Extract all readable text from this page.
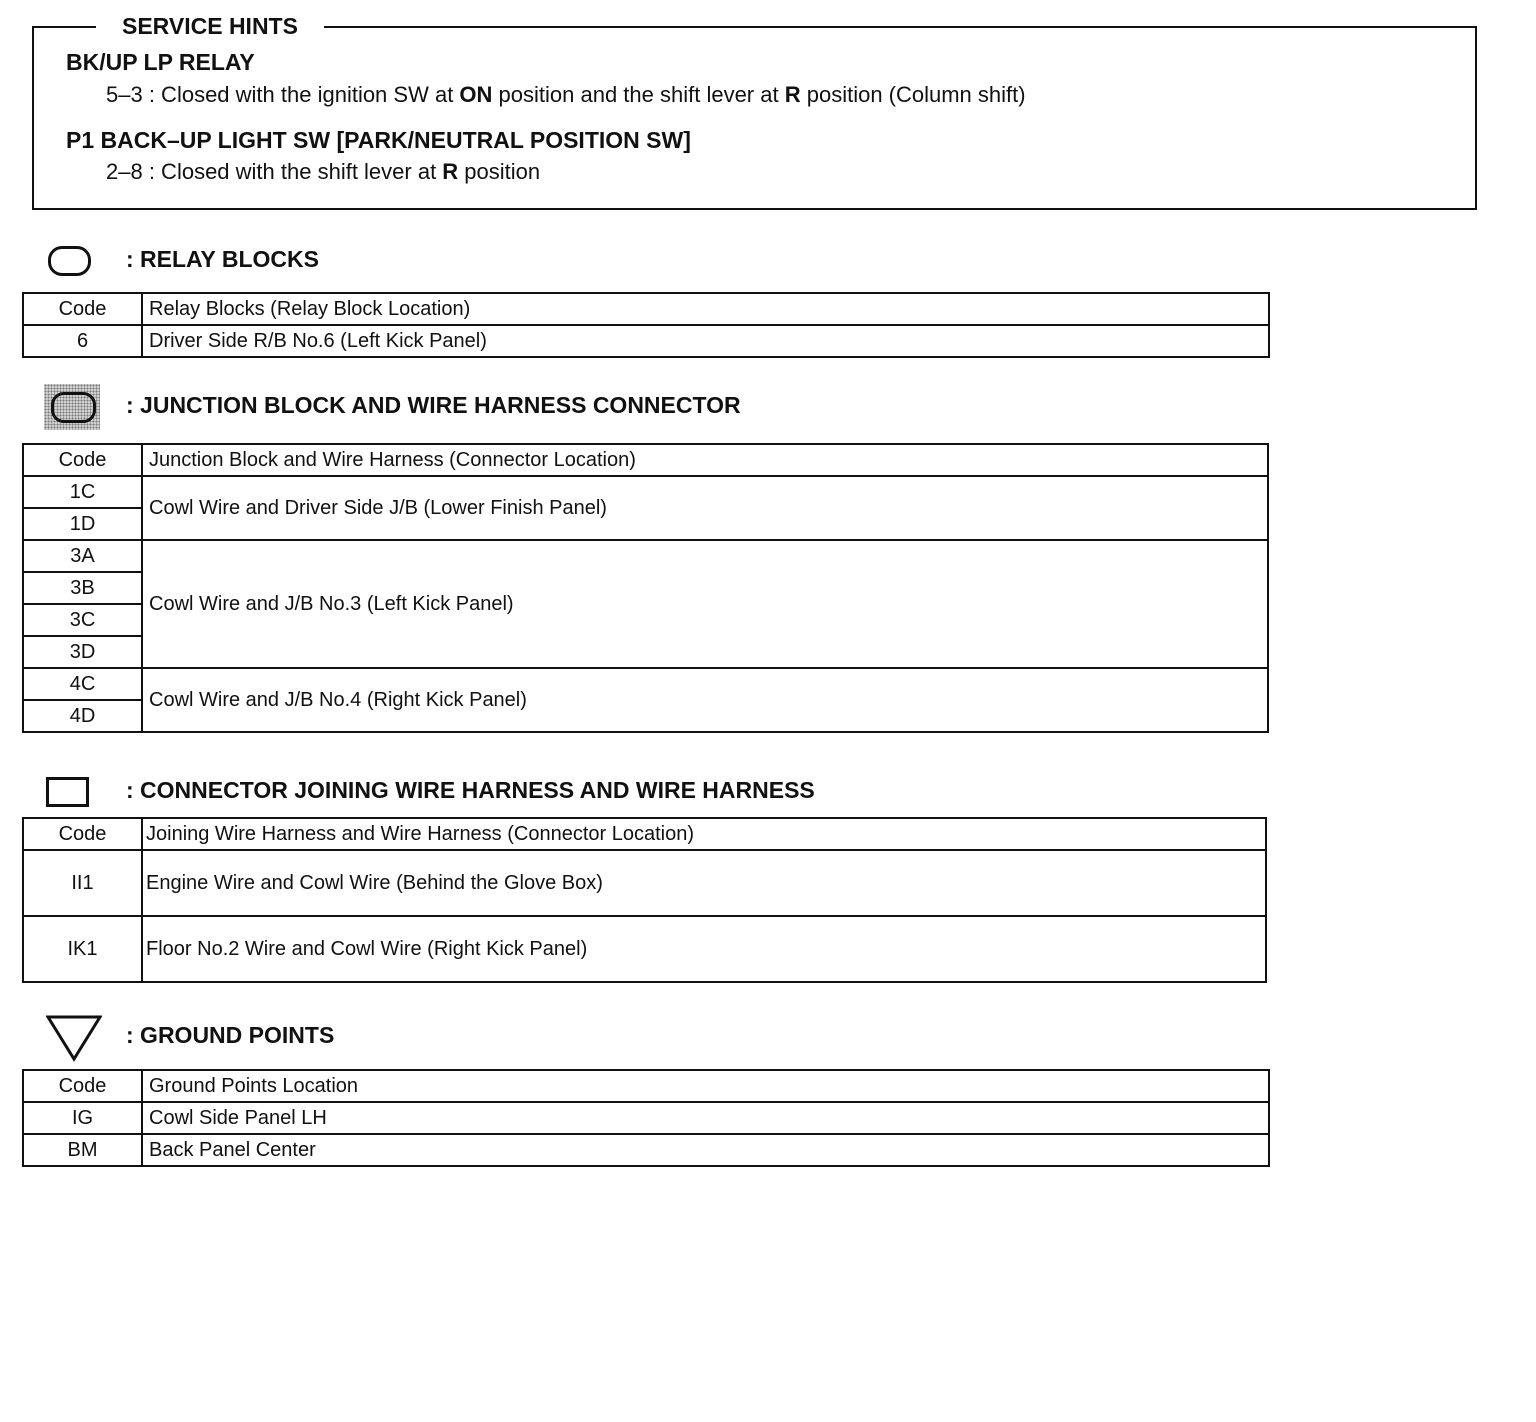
SERVICE HINTS
BK/UP LP RELAY
5–3 : Closed with the ignition SW at ON position and the shift lever at R position (Column shift)
P1 BACK–UP LIGHT SW [PARK/NEUTRAL POSITION SW]
2–8 : Closed with the shift lever at R position
: RELAY BLOCKS
Code	Relay Blocks (Relay Block Location)
6	Driver Side R/B No.6 (Left Kick Panel)
: JUNCTION BLOCK AND WIRE HARNESS CONNECTOR
Code	Junction Block and Wire Harness (Connector Location)
1C	Cowl Wire and Driver Side J/B (Lower Finish Panel)
1D	
3A	Cowl Wire and J/B No.3 (Left Kick Panel)
3B	
3C	
3D	
4C	Cowl Wire and J/B No.4 (Right Kick Panel)
4D	
: CONNECTOR JOINING WIRE HARNESS AND WIRE HARNESS
Code	Joining Wire Harness and Wire Harness (Connector Location)
II1	Engine Wire and Cowl Wire (Behind the Glove Box)
IK1	Floor No.2 Wire and Cowl Wire (Right Kick Panel)
: GROUND POINTS
Code	Ground Points Location
IG	Cowl Side Panel LH
BM	Back Panel Center
